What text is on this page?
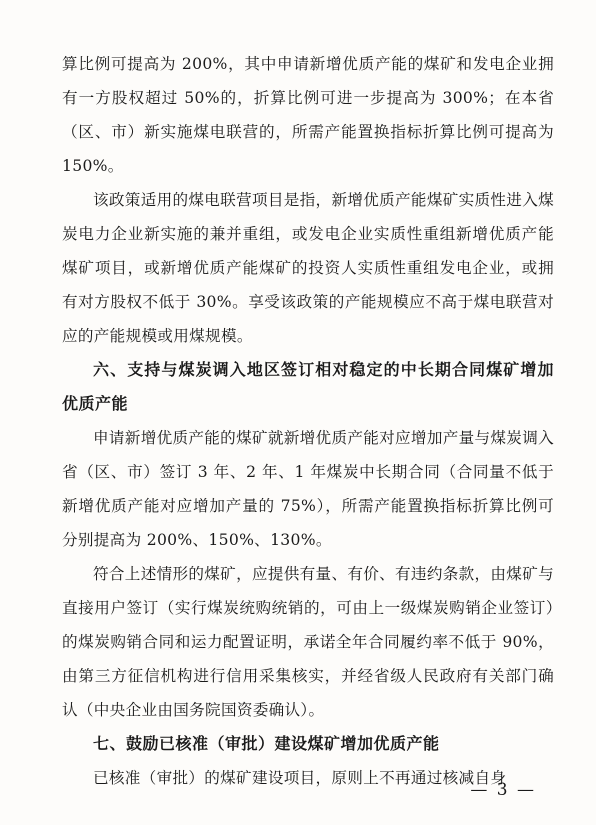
算比例可提高为 200%，其中申请新增优质产能的煤矿和发电企业拥有一方股权超过 50%的，折算比例可进一步提高为 300%；在本省（区、市）新实施煤电联营的，所需产能置换指标折算比例可提高为 150%。

该政策适用的煤电联营项目是指，新增优质产能煤矿实质性进入煤炭电力企业新实施的兼并重组，或发电企业实质性重组新增优质产能煤矿项目，或新增优质产能煤矿的投资人实质性重组发电企业，或拥有对方股权不低于 30%。享受该政策的产能规模应不高于煤电联营对应的产能规模或用煤规模。

六、支持与煤炭调入地区签订相对稳定的中长期合同煤矿增加优质产能

申请新增优质产能的煤矿就新增优质产能对应增加产量与煤炭调入省（区、市）签订 3 年、2 年、1 年煤炭中长期合同（合同量不低于新增优质产能对应增加产量的 75%），所需产能置换指标折算比例可分别提高为 200%、150%、130%。

符合上述情形的煤矿，应提供有量、有价、有违约条款，由煤矿与直接用户签订（实行煤炭统购统销的，可由上一级煤炭购销企业签订）的煤炭购销合同和运力配置证明，承诺全年合同履约率不低于 90%，由第三方征信机构进行信用采集核实，并经省级人民政府有关部门确认（中央企业由国务院国资委确认）。

七、鼓励已核准（审批）建设煤矿增加优质产能

已核准（审批）的煤矿建设项目，原则上不再通过核减自身

— 3 —
